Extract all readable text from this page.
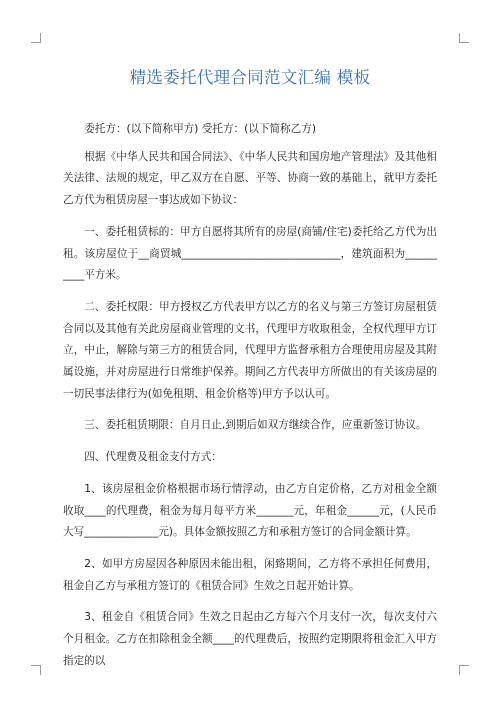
精选委托代理合同范文汇编 模板

委托方：(以下简称甲方) 受托方：(以下简称乙方)

根据《中华人民共和国合同法》、《中华人民共和国房地产管理法》及其他相关法律、法规的规定，甲乙双方在自愿、平等、协商一致的基础上，就甲方委托乙方代为租赁房屋一事达成如下协议：

一、委托租赁标的：甲方自愿将其所有的房屋(商铺/住宅)委托给乙方代为出租。该房屋位于__商贸城______________________________，建筑面积为__________平方米。

二、委托权限：甲方授权乙方代表甲方以乙方的名义与第三方签订房屋租赁合同以及其他有关此房屋商业管理的文书，代理甲方收取租金，全权代理甲方订立，中止，解除与第三方的租赁合同，代理甲方监督承租方合理使用房屋及其附属设施，并对房屋进行日常维护保养。期间乙方代表甲方所做出的有关该房屋的一切民事法律行为(如免租期、租金价格等)甲方予以认可。

三、委托租赁期限：自月日止,到期后如双方继续合作，应重新签订协议。

四、代理费及租金支付方式：

1、该房屋租金价格根据市场行情浮动，由乙方自定价格，乙方对租金全额收取____的代理费，租金为每月每平方米_______元，年租金______元，(人民币大写______________元)。具体金额按照乙方和承租方签订的合同金额计算。

2、如甲方房屋因各种原因未能出租，闲臵期间，乙方将不承担任何费用，租金自乙方与承租方签订的《租赁合同》生效之日起开始计算。

3、租金自《租赁合同》生效之日起由乙方每六个月支付一次，每次支付六个月租金。乙方在扣除租金全额____的代理费后，按照约定期限将租金汇入甲方指定的以
